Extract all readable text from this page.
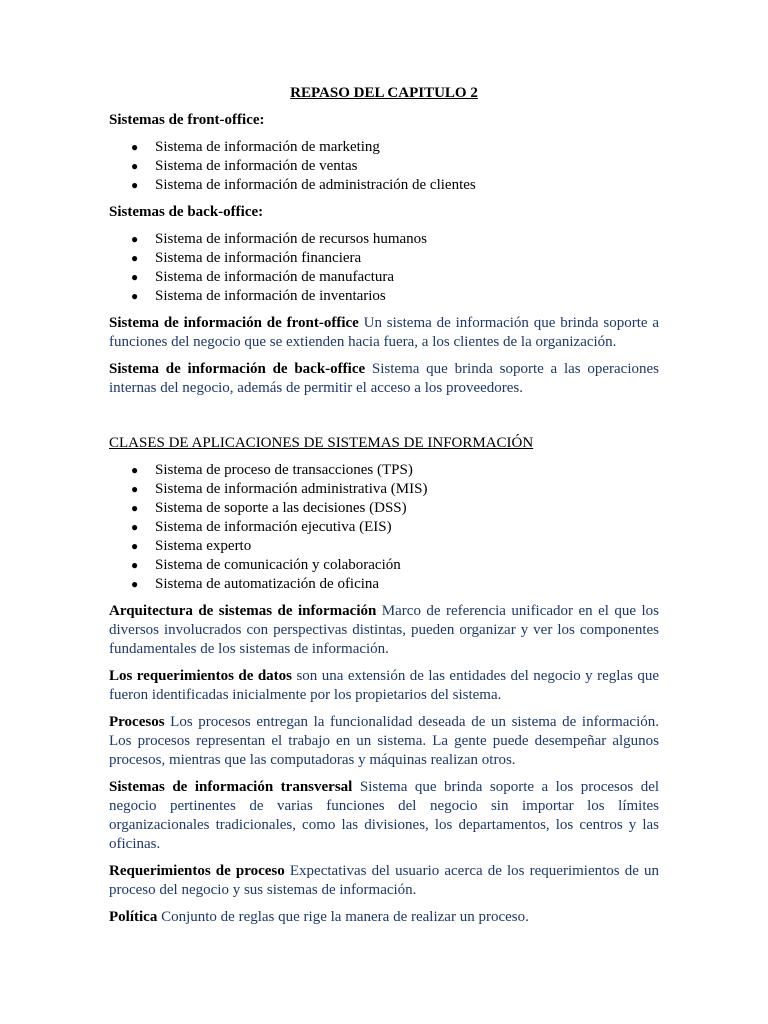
REPASO DEL CAPITULO 2
Sistemas de front-office:
● Sistema de información de marketing
● Sistema de información de ventas
● Sistema de información de administración de clientes
Sistemas de back-office:
● Sistema de información de recursos humanos
● Sistema de información financiera
● Sistema de información de manufactura
● Sistema de información de inventarios

Sistema de información de front-office Un sistema de información que brinda soporte a funciones del negocio que se extienden hacia fuera, a los clientes de la organización.

Sistema de información de back-office Sistema que brinda soporte a las operaciones internas del negocio, además de permitir el acceso a los proveedores.

CLASES DE APLICACIONES DE SISTEMAS DE INFORMACIÓN
● Sistema de proceso de transacciones (TPS)
● Sistema de información administrativa (MIS)
● Sistema de soporte a las decisiones (DSS)
● Sistema de información ejecutiva (EIS)
● Sistema experto
● Sistema de comunicación y colaboración
● Sistema de automatización de oficina

Arquitectura de sistemas de información Marco de referencia unificador en el que los diversos involucrados con perspectivas distintas, pueden organizar y ver los componentes fundamentales de los sistemas de información.

Los requerimientos de datos son una extensión de las entidades del negocio y reglas que fueron identificadas inicialmente por los propietarios del sistema.

Procesos Los procesos entregan la funcionalidad deseada de un sistema de información. Los procesos representan el trabajo en un sistema. La gente puede desempeñar algunos procesos, mientras que las computadoras y máquinas realizan otros.

Sistemas de información transversal Sistema que brinda soporte a los procesos del negocio pertinentes de varias funciones del negocio sin importar los límites organizacionales tradicionales, como las divisiones, los departamentos, los centros y las oficinas.

Requerimientos de proceso Expectativas del usuario acerca de los requerimientos de un proceso del negocio y sus sistemas de información.

Política Conjunto de reglas que rige la manera de realizar un proceso.
